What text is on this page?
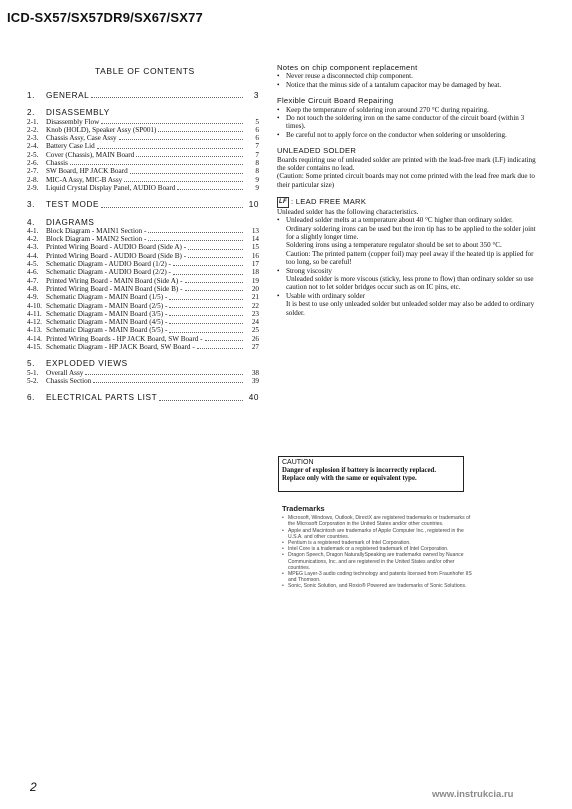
ICD-SX57/SX57DR9/SX67/SX77
TABLE OF CONTENTS
1.	GENERAL	3
2.	DISASSEMBLY
2-1.	Disassembly Flow	5
2-2.	Knob (HOLD), Speaker Assy (SP001)	6
2-3.	Chassis Assy, Case Assy	6
2-4.	Battery Case Lid	7
2-5.	Cover (Chassis), MAIN Board	7
2-6.	Chassis	8
2-7.	SW Board, HP JACK Board	8
2-8.	MIC-A Assy, MIC-B Assy	9
2-9.	Liquid Crystal Display Panel, AUDIO Board	9
3.	TEST MODE	10
4.	DIAGRAMS
4-1.	Block Diagram - MAIN1 Section -	13
4-2.	Block Diagram - MAIN2 Section -	14
4-3.	Printed Wiring Board - AUDIO Board (Side A) -	15
4-4.	Printed Wiring Board - AUDIO Board (Side B) -	16
4-5.	Schematic Diagram - AUDIO Board (1/2) -	17
4-6.	Schematic Diagram - AUDIO Board (2/2) -	18
4-7.	Printed Wiring Board - MAIN Board (Side A) -	19
4-8.	Printed Wiring Board - MAIN Board (Side B) -	20
4-9.	Schematic Diagram - MAIN Board (1/5) -	21
4-10. Schematic Diagram - MAIN Board (2/5) -	22
4-11. Schematic Diagram - MAIN Board (3/5) -	23
4-12. Schematic Diagram - MAIN Board (4/5) -	24
4-13. Schematic Diagram - MAIN Board (5/5) -	25
4-14. Printed Wiring Boards - HP JACK Board, SW Board -	26
4-15. Schematic Diagram - HP JACK Board, SW Board -	27
5.	EXPLODED VIEWS
5-1.	Overall Assy	38
5-2.	Chassis Section	39
6.	ELECTRICAL PARTS LIST	40
Notes on chip component replacement
• Never reuse a disconnected chip component.
• Notice that the minus side of a tantalum capacitor may be damaged by heat.
Flexible Circuit Board Repairing
• Keep the temperature of soldering iron around 270 °C during repairing.
• Do not touch the soldering iron on the same conductor of the circuit board (within 3 times).
• Be careful not to apply force on the conductor when soldering or unsoldering.
UNLEADED SOLDER
Boards requiring use of unleaded solder are printed with the lead-free mark (LF) indicating the solder contains no lead.
(Caution: Some printed circuit boards may not come printed with the lead free mark due to their particular size)
LF : LEAD FREE MARK
Unleaded solder has the following characteristics.
• Unleaded solder melts at a temperature about 40 °C higher than ordinary solder.
Ordinary soldering irons can be used but the iron tip has to be applied to the solder joint for a slightly longer time.
Soldering irons using a temperature regulator should be set to about 350 °C.
Caution: The printed pattern (copper foil) may peel away if the heated tip is applied for too long, so be careful!
• Strong viscosity
Unleaded solder is more viscous (sticky, less prone to flow) than ordinary solder so use caution not to let solder bridges occur such as on IC pins, etc.
• Usable with ordinary solder
It is best to use only unleaded solder but unleaded solder may also be added to ordinary solder.
CAUTION
Danger of explosion if battery is incorrectly replaced.
Replace only with the same or equivalent type.
Trademarks
• Microsoft, Windows, Outlook, DirectX are registered trademarks or trademarks of the Microsoft Corporation in the United States and/or other countries.
• Apple and Macintosh are trademarks of Apple Computer Inc., registered in the U.S.A. and other countries.
• Pentium is a registered trademark of Intel Corporation.
• Intel Core is a trademark or a registered trademark of Intel Corporation.
• Dragon Speech, Dragon NaturallySpeaking are trademarks owned by Nuance Communications, Inc. and are registered in the United States and/or other countries.
• MPEG Layer-3 audio coding technology and patents licensed from Fraunhofer IIS and Thomson.
• Sonic, Sonic Solution, and Roxio® Powered are trademarks of Sonic Solutions.
2
www.instrukcia.ru
